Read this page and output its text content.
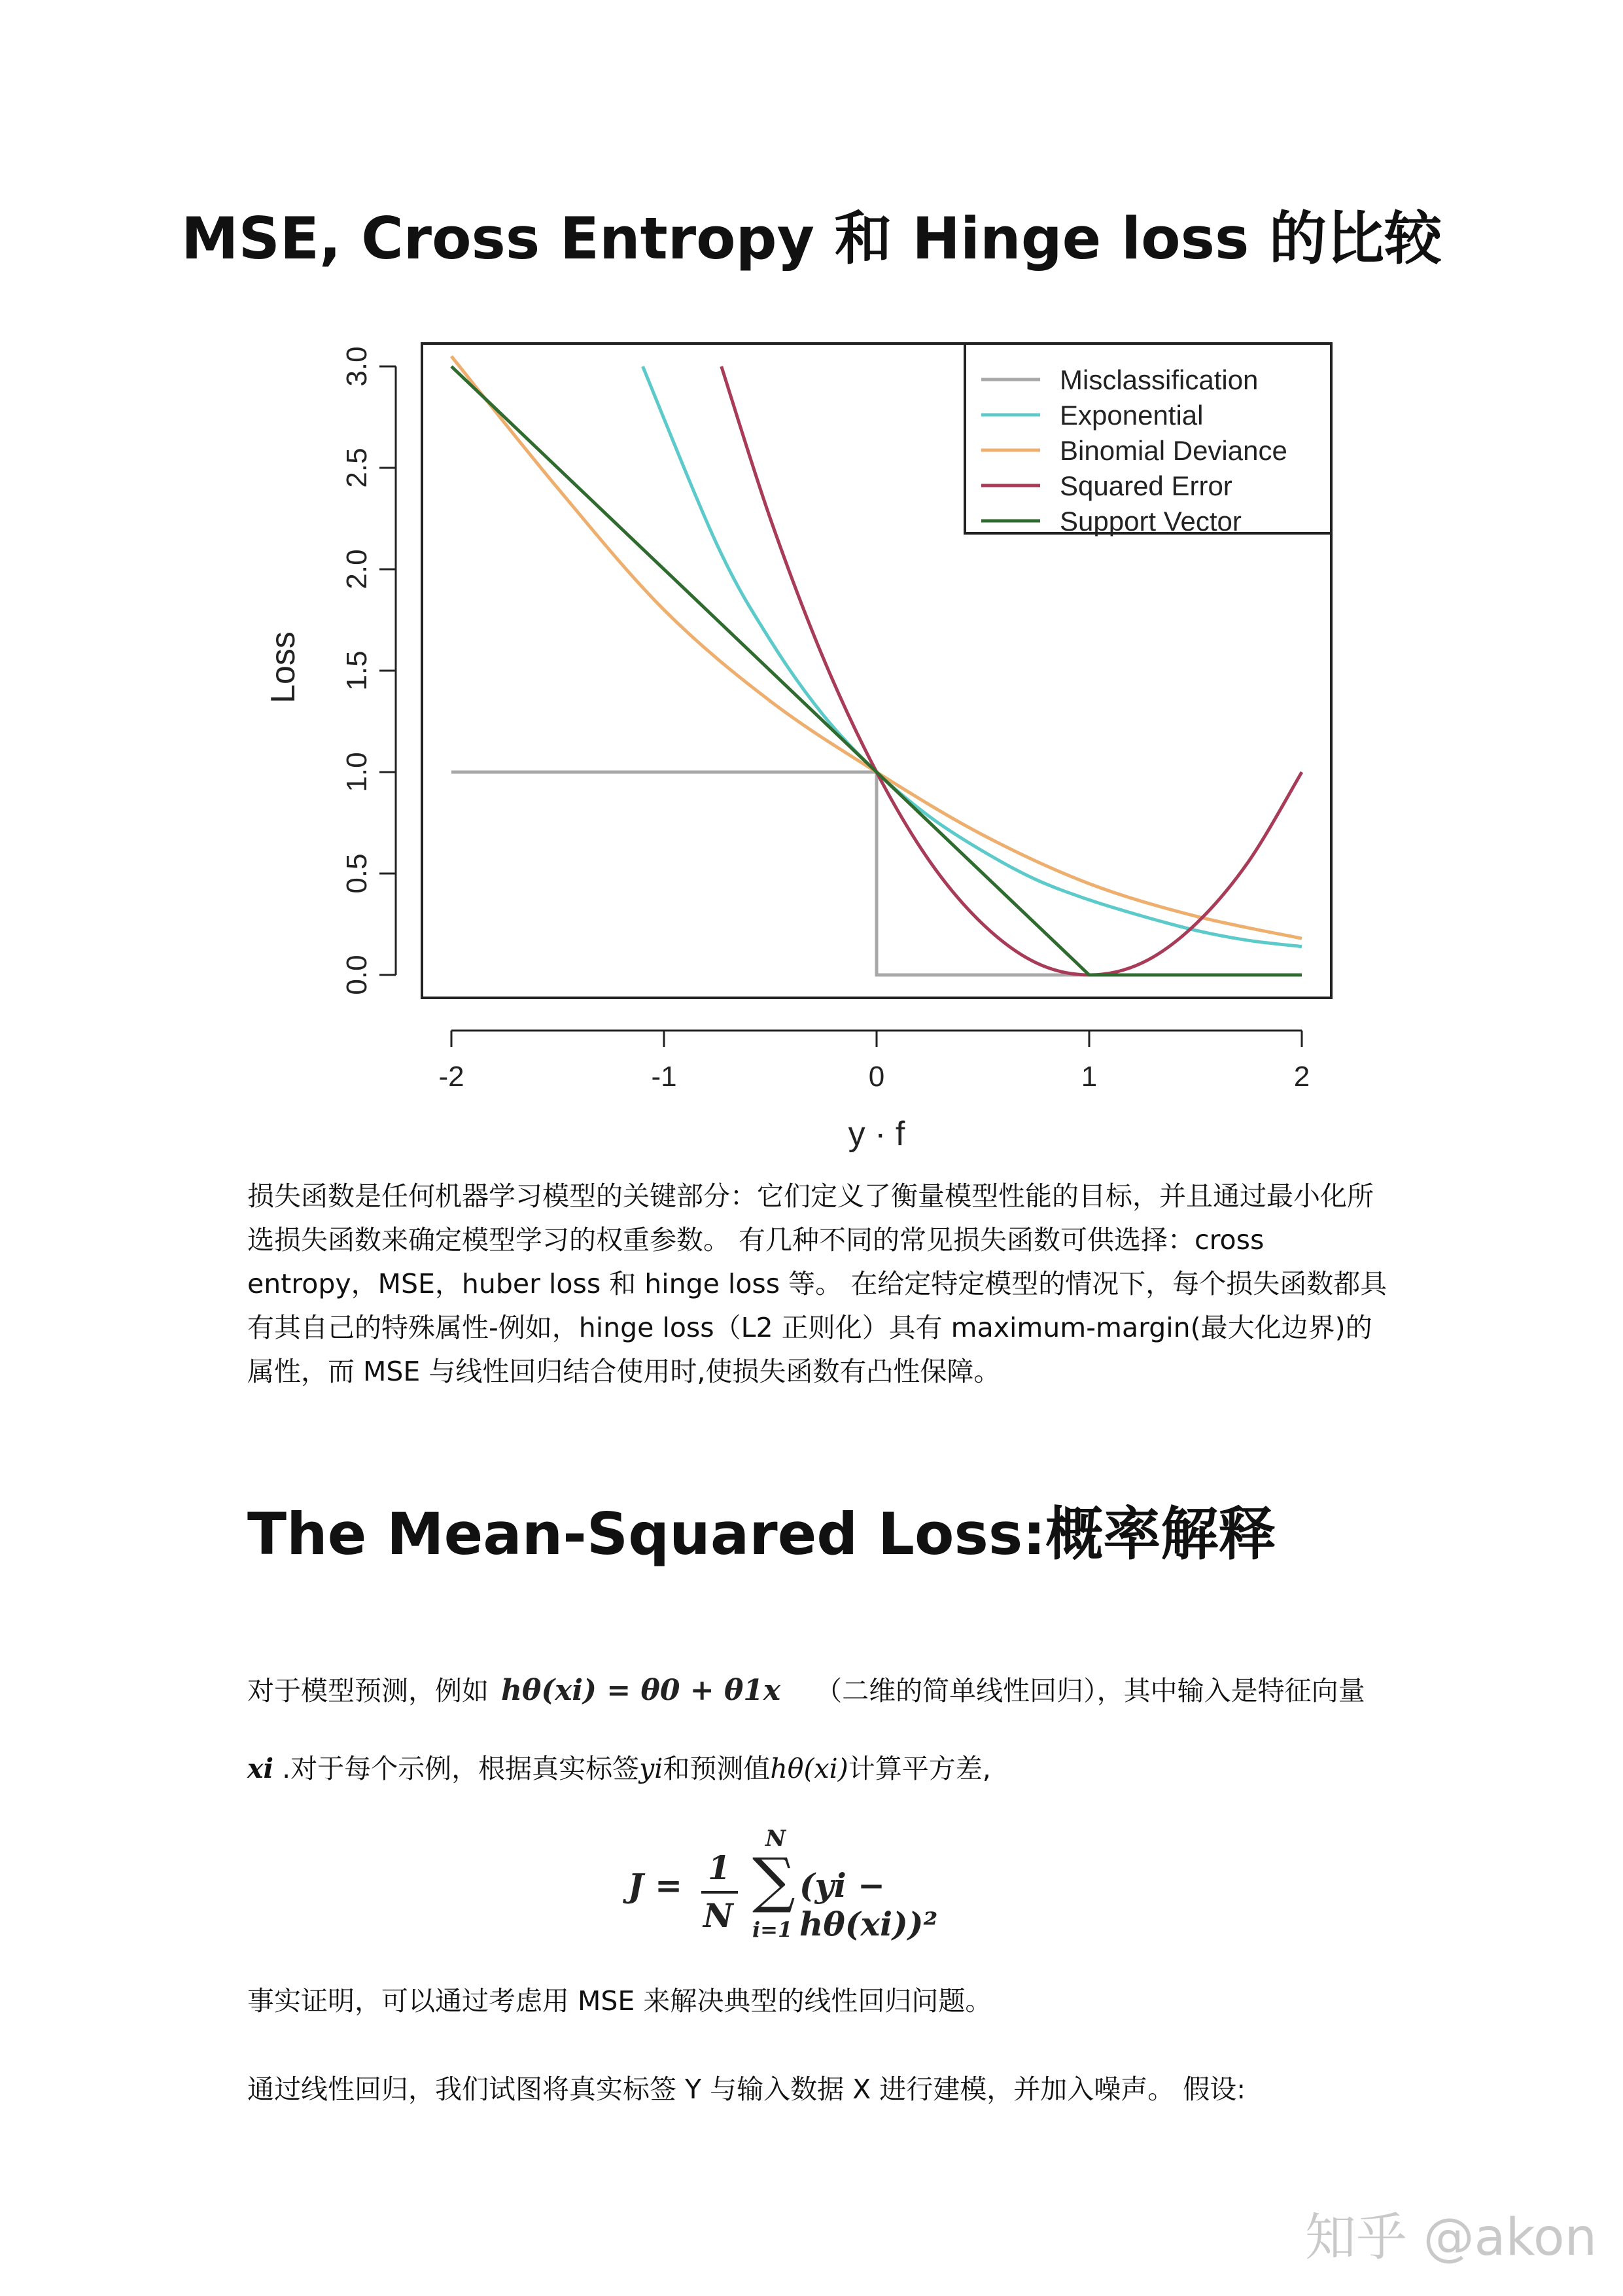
MSE, Cross Entropy 和 Hinge loss 的比较
-2	-1	0	1	2
0.0
0.5
1.0
1.5
2.0
2.5
3.0
y · f
Loss
Misclassification
Exponential
Binomial Deviance
Squared Error
Support Vector
损失函数是任何机器学习模型的关键部分：它们定义了衡量模型性能的目标，并且通过最小化所选损失函数来确定模型学习的权重参数。 有几种不同的常见损失函数可供选择：cross entropy，MSE，huber loss 和 hinge loss 等。 在给定特定模型的情况下，每个损失函数都具有其自己的特殊属性-例如，hinge loss（L2 正则化）具有 maximum-margin(最大化边界)的属性，而 MSE 与线性回归结合使用时,使损失函数有凸性保障。
The Mean-Squared Loss:概率解释
对于模型预测，例如 hθ(xi) = θ0 + θ1x （二维的简单线性回归），其中输入是特征向量
xi .对于每个示例，根据真实标签yi和预测值hθ(xi)计算平方差,
J = 1
N
N
∑
i=1
(yi − hθ(xi))²
事实证明，可以通过考虑用 MSE 来解决典型的线性回归问题。
通过线性回归，我们试图将真实标签 Y 与输入数据 X 进行建模，并加入噪声。 假设:
知乎 @akon
